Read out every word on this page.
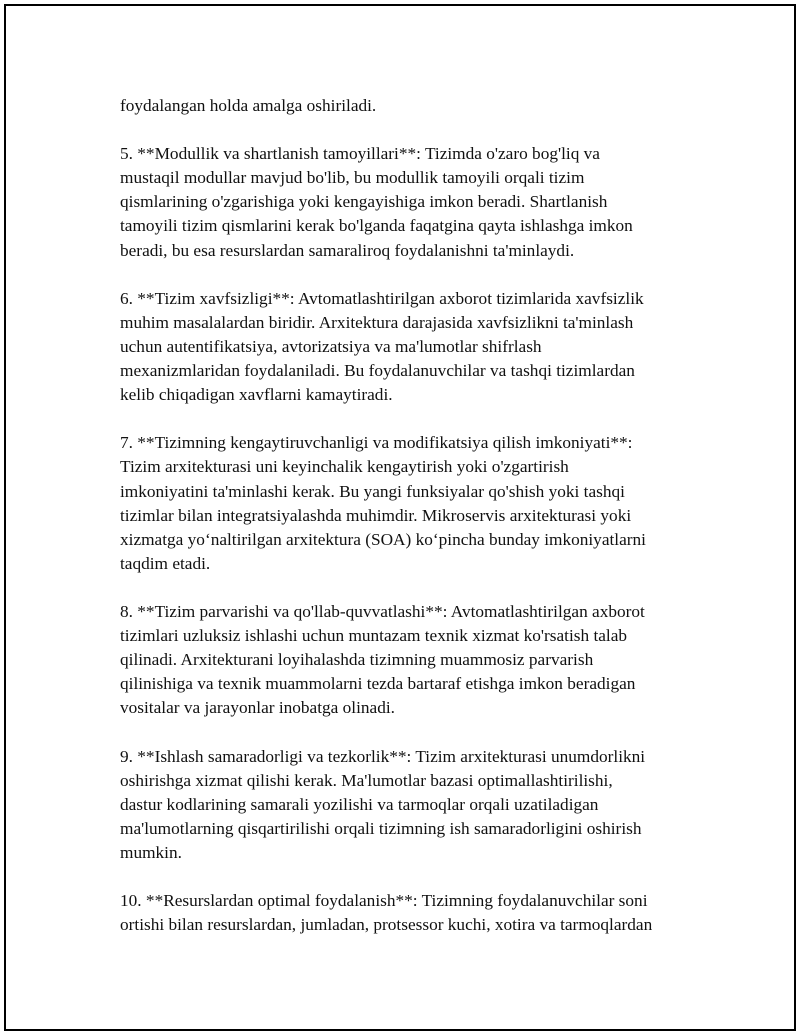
foydalangan holda amalga oshiriladi.

5. **Modullik va shartlanish tamoyillari**: Tizimda o'zaro bog'liq va
mustaqil modullar mavjud bo'lib, bu modullik tamoyili orqali tizim
qismlarining o'zgarishiga yoki kengayishiga imkon beradi. Shartlanish
tamoyili tizim qismlarini kerak bo'lganda faqatgina qayta ishlashga imkon
beradi, bu esa resurslardan samaraliroq foydalanishni ta'minlaydi.

6. **Tizim xavfsizligi**: Avtomatlashtirilgan axborot tizimlarida xavfsizlik
muhim masalalardan biridir. Arxitektura darajasida xavfsizlikni ta'minlash
uchun autentifikatsiya, avtorizatsiya va ma'lumotlar shifrlash
mexanizmlaridan foydalaniladi. Bu foydalanuvchilar va tashqi tizimlardan
kelib chiqadigan xavflarni kamaytiradi.

7. **Tizimning kengaytiruvchanligi va modifikatsiya qilish imkoniyati**:
Tizim arxitekturasi uni keyinchalik kengaytirish yoki o'zgartirish
imkoniyatini ta'minlashi kerak. Bu yangi funksiyalar qo'shish yoki tashqi
tizimlar bilan integratsiyalashda muhimdir. Mikroservis arxitekturasi yoki
xizmatga yo‘naltirilgan arxitektura (SOA) ko‘pincha bunday imkoniyatlarni
taqdim etadi.

8. **Tizim parvarishi va qo'llab-quvvatlashi**: Avtomatlashtirilgan axborot
tizimlari uzluksiz ishlashi uchun muntazam texnik xizmat ko'rsatish talab
qilinadi. Arxitekturani loyihalashda tizimning muammosiz parvarish
qilinishiga va texnik muammolarni tezda bartaraf etishga imkon beradigan
vositalar va jarayonlar inobatga olinadi.

9. **Ishlash samaradorligi va tezkorlik**: Tizim arxitekturasi unumdorlikni
oshirishga xizmat qilishi kerak. Ma'lumotlar bazasi optimallashtirilishi,
dastur kodlarining samarali yozilishi va tarmoqlar orqali uzatiladigan
ma'lumotlarning qisqartirilishi orqali tizimning ish samaradorligini oshirish
mumkin.

10. **Resurslardan optimal foydalanish**: Tizimning foydalanuvchilar soni
ortishi bilan resurslardan, jumladan, protsessor kuchi, xotira va tarmoqlardan
